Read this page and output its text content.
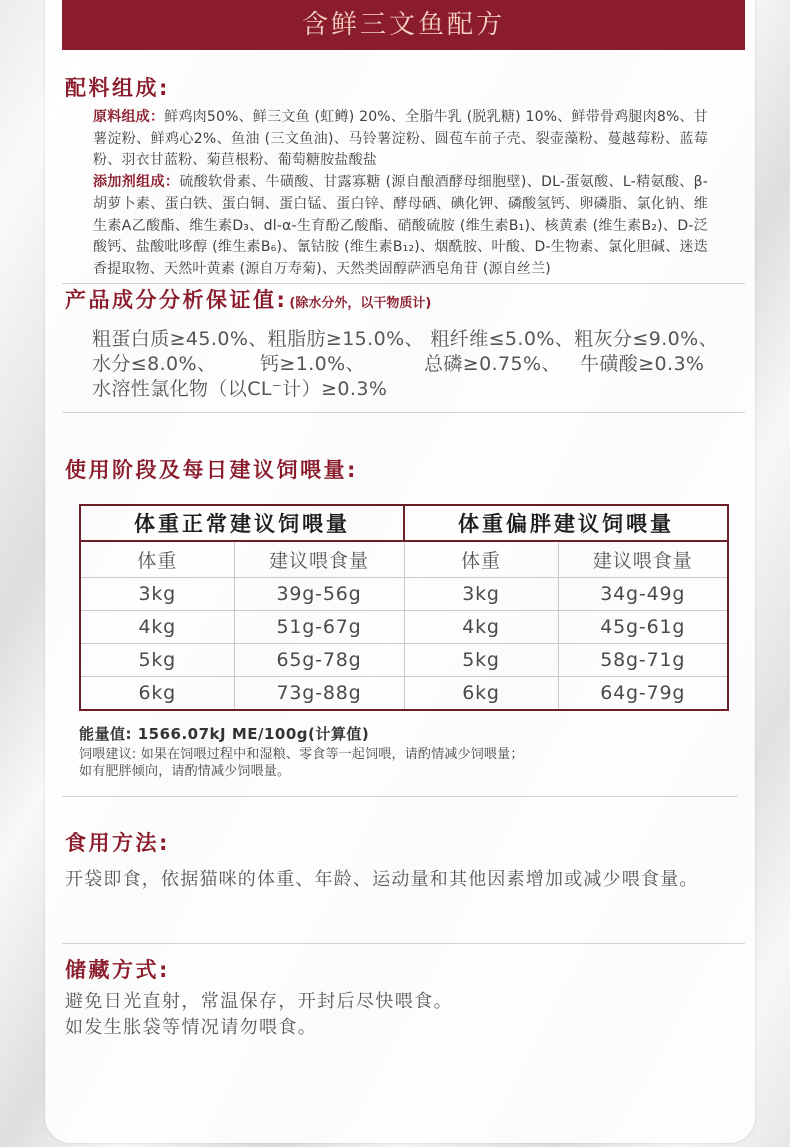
含鲜三文鱼配方
配料组成:

原料组成：鲜鸡肉50%、鲜三文鱼 (虹鳟) 20%、全脂牛乳 (脱乳糖) 10%、鲜带骨鸡腿肉8%、甘薯淀粉、鲜鸡心2%、鱼油 (三文鱼油)、马铃薯淀粉、圆苞车前子壳、裂壶藻粉、蔓越莓粉、蓝莓粉、羽衣甘蓝粉、菊苣根粉、葡萄糖胺盐酸盐

添加剂组成：硫酸软骨素、牛磺酸、甘露寡糖 (源自酿酒酵母细胞壁)、DL-蛋氨酸、L-精氨酸、β-胡萝卜素、蛋白铁、蛋白铜、蛋白锰、蛋白锌、酵母硒、碘化钾、磷酸氢钙、卵磷脂、氯化钠、维生素A乙酸酯、维生素D₃、dl-α-生育酚乙酸酯、硝酸硫胺 (维生素B₁)、核黄素 (维生素B₂)、D-泛酸钙、盐酸吡哆醇 (维生素B₆)、氰钴胺 (维生素B₁₂)、烟酰胺、叶酸、D-生物素、氯化胆碱、迷迭香提取物、天然叶黄素 (源自万寿菊)、天然类固醇萨洒皂角苷 (源自丝兰)

产品成分分析保证值: (除水分外，以干物质计)
粗蛋白质≥45.0%、粗脂肪≥15.0%、 粗纤维≤5.0%、粗灰分≤9.0%、
水分≤8.0%、	钙≥1.0%、	总磷≥0.75%、	牛磺酸≥0.3%
水溶性氯化物（以CL⁻计）≥0.3%
使用阶段及每日建议饲喂量:
体重正常建议饲喂量		体重偏胖建议饲喂量	
体重	建议喂食量	体重	建议喂食量
3kg	39g-56g	3kg	34g-49g
4kg	51g-67g	4kg	45g-61g
5kg	65g-78g	5kg	58g-71g
6kg	73g-88g	6kg	64g-79g
能量值: 1566.07kJ ME/100g(计算值)
饲喂建议: 如果在饲喂过程中和湿粮、零食等一起饲喂，请酌情减少饲喂量；
如有肥胖倾向，请酌情减少饲喂量。
食用方法:
开袋即食，依据猫咪的体重、年龄、运动量和其他因素增加或减少喂食量。
储藏方式:
避免日光直射，常温保存，开封后尽快喂食。
如发生胀袋等情况请勿喂食。
